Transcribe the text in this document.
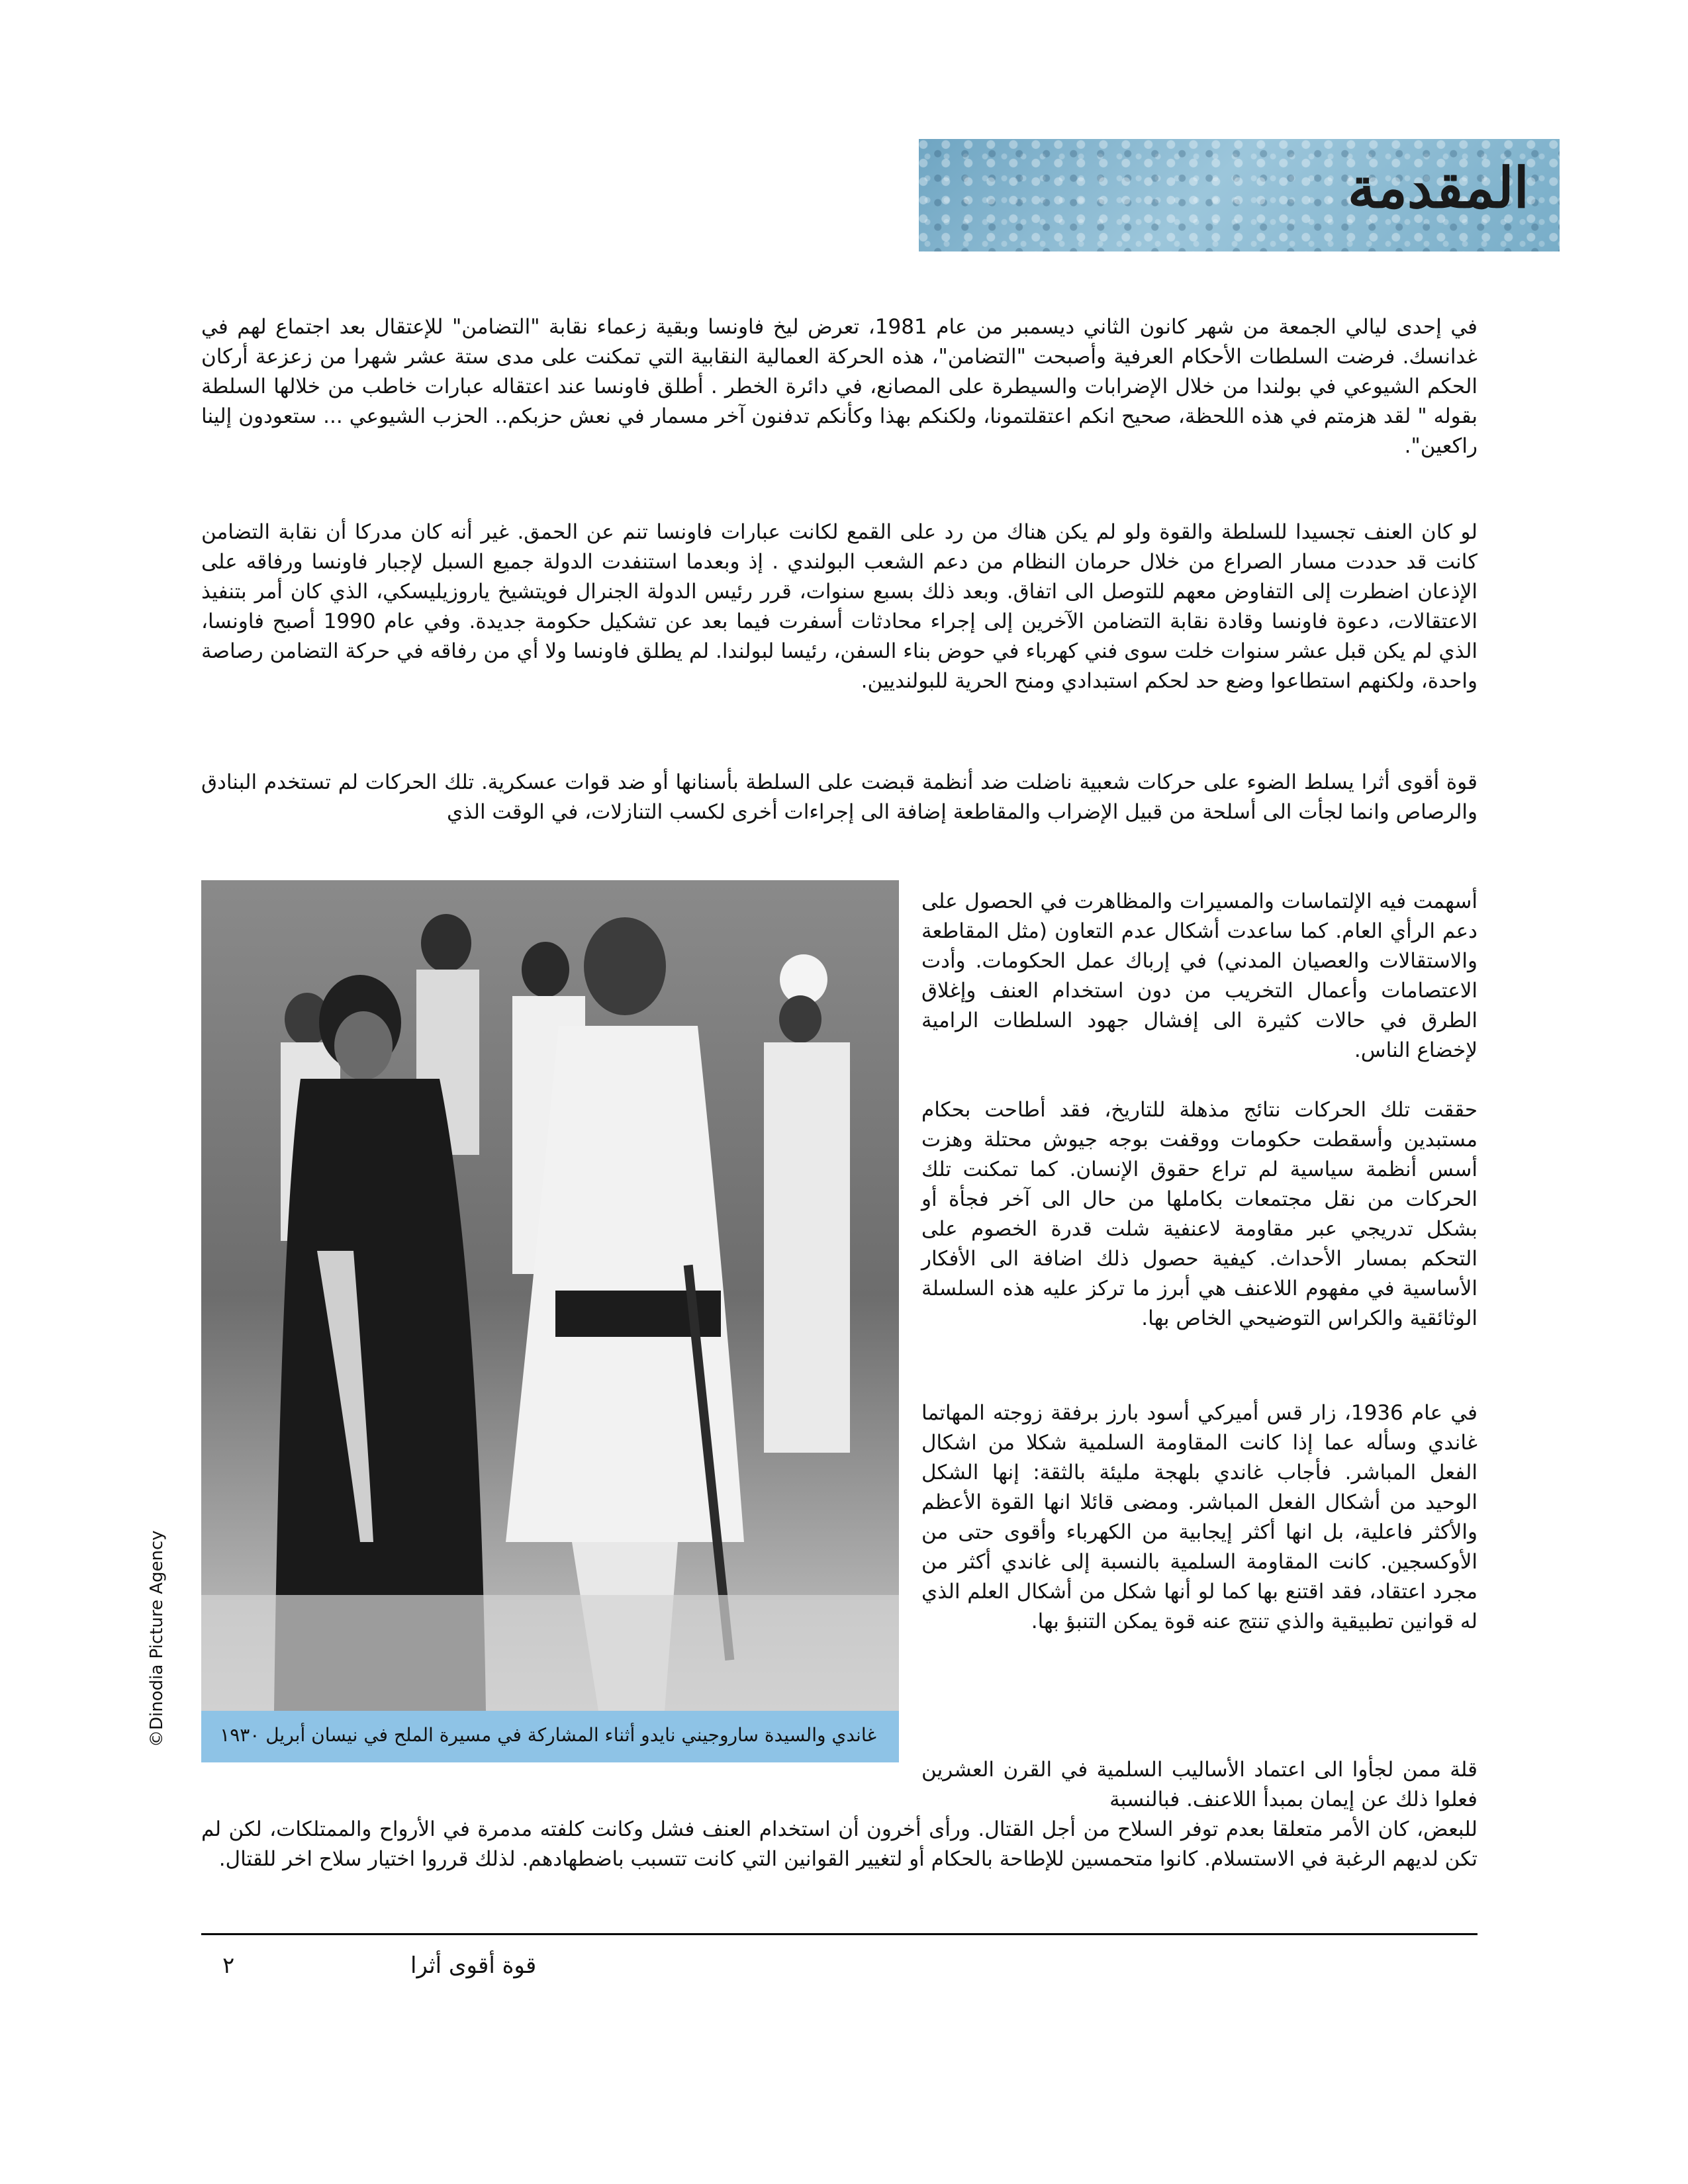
المقدمة

في إحدى ليالي الجمعة من شهر كانون الثاني ديسمبر من عام 1981، تعرض ليخ فاونسا وبقية زعماء نقابة "التضامن" للإعتقال بعد اجتماع لهم في غدانسك. فرضت السلطات الأحكام العرفية وأصبحت "التضامن"، هذه الحركة العمالية النقابية التي تمكنت على مدى ستة عشر شهرا من زعزعة أركان الحكم الشيوعي في بولندا من خلال الإضرابات والسيطرة على المصانع، في دائرة الخطر . أطلق فاونسا عند اعتقاله عبارات خاطب من خلالها السلطة بقوله " لقد هزمتم في هذه اللحظة، صحيح انكم اعتقلتمونا، ولكنكم بهذا وكأنكم تدفنون آخر مسمار في نعش حزبكم.. الحزب الشيوعي ... ستعودون إلينا راكعين".

لو كان العنف تجسيدا للسلطة والقوة ولو لم يكن هناك من رد على القمع لكانت عبارات فاونسا تنم عن الحمق. غير أنه كان مدركا أن نقابة التضامن كانت قد حددت مسار الصراع من خلال حرمان النظام من دعم الشعب البولندي . إذ وبعدما استنفدت الدولة جميع السبل لإجبار فاونسا ورفاقه على الإذعان اضطرت إلى التفاوض معهم للتوصل الى اتفاق. وبعد ذلك بسبع سنوات، قرر رئيس الدولة الجنرال فويتشيخ ياروزيليسكي، الذي كان أمر بتنفيذ الاعتقالات، دعوة فاونسا وقادة نقابة التضامن الآخرين إلى إجراء محادثات أسفرت فيما بعد عن تشكيل حكومة جديدة. وفي عام 1990 أصبح فاونسا، الذي لم يكن قبل عشر سنوات خلت سوى فني كهرباء في حوض بناء السفن، رئيسا لبولندا. لم يطلق فاونسا ولا أي من رفاقه في حركة التضامن رصاصة واحدة، ولكنهم استطاعوا وضع حد لحكم استبدادي ومنح الحرية للبولنديين.

قوة أقوى أثرا يسلط الضوء على حركات شعبية ناضلت ضد أنظمة قبضت على السلطة بأسنانها أو ضد قوات عسكرية. تلك الحركات لم تستخدم البنادق والرصاص وانما لجأت الى أسلحة من قبيل الإضراب والمقاطعة إضافة الى إجراءات أخرى لكسب التنازلات، في الوقت الذي

أسهمت فيه الإلتماسات والمسيرات والمظاهرت في الحصول على دعم الرأي العام. كما ساعدت أشكال عدم التعاون (مثل المقاطعة والاستقالات والعصيان المدني) في إرباك عمل الحكومات. وأدت الاعتصامات وأعمال التخريب من دون استخدام العنف وإغلاق الطرق في حالات كثيرة الى إفشال جهود السلطات الرامية لإخضاع الناس.

حققت تلك الحركات نتائج مذهلة للتاريخ، فقد أطاحت بحكام مستبدين وأسقطت حكومات ووقفت بوجه جيوش محتلة وهزت أسس أنظمة سياسية لم تراع حقوق الإنسان. كما تمكنت تلك الحركات من نقل مجتمعات بكاملها من حال الى آخر فجأة أو بشكل تدريجي عبر مقاومة لاعنفية شلت قدرة الخصوم على التحكم بمسار الأحداث. كيفية حصول ذلك اضافة الى الأفكار الأساسية في مفهوم اللاعنف هي أبرز ما تركز عليه هذه السلسلة الوثائقية والكراس التوضيحي الخاص بها.

في عام 1936، زار قس أميركي أسود بارز برفقة زوجته المهاتما غاندي وسأله عما إذا كانت المقاومة السلمية شكلا من اشكال الفعل المباشر. فأجاب غاندي بلهجة مليئة بالثقة: إنها الشكل الوحيد من أشكال الفعل المباشر. ومضى قائلا انها القوة الأعظم والأكثر فاعلية، بل انها أكثر إيجابية من الكهرباء وأقوى حتى من الأوكسجين. كانت المقاومة السلمية بالنسبة إلى غاندي أكثر من مجرد اعتقاد، فقد اقتنع بها كما لو أنها شكل من أشكال العلم الذي له قوانين تطبيقية والذي تنتج عنه قوة يمكن التنبؤ بها.

قلة ممن لجأوا الى اعتماد الأساليب السلمية في القرن العشرين فعلوا ذلك عن إيمان بمبدأ اللاعنف. فبالنسبة

للبعض، كان الأمر متعلقا بعدم توفر السلاح من أجل القتال. ورأى أخرون أن استخدام العنف فشل وكانت كلفته مدمرة في الأرواح والممتلكات، لكن لم تكن لديهم الرغبة في الاستسلام. كانوا متحمسين للإطاحة بالحكام أو لتغيير القوانين التي كانت تتسبب باضطهادهم. لذلك قرروا اختيار سلاح اخر للقتال.

غاندي والسيدة ساروجيني نايدو أثناء المشاركة في مسيرة الملح في نيسان أبريل ١٩٣٠
©Dinodia Picture Agency
قوة أقوى أثرا
٢
